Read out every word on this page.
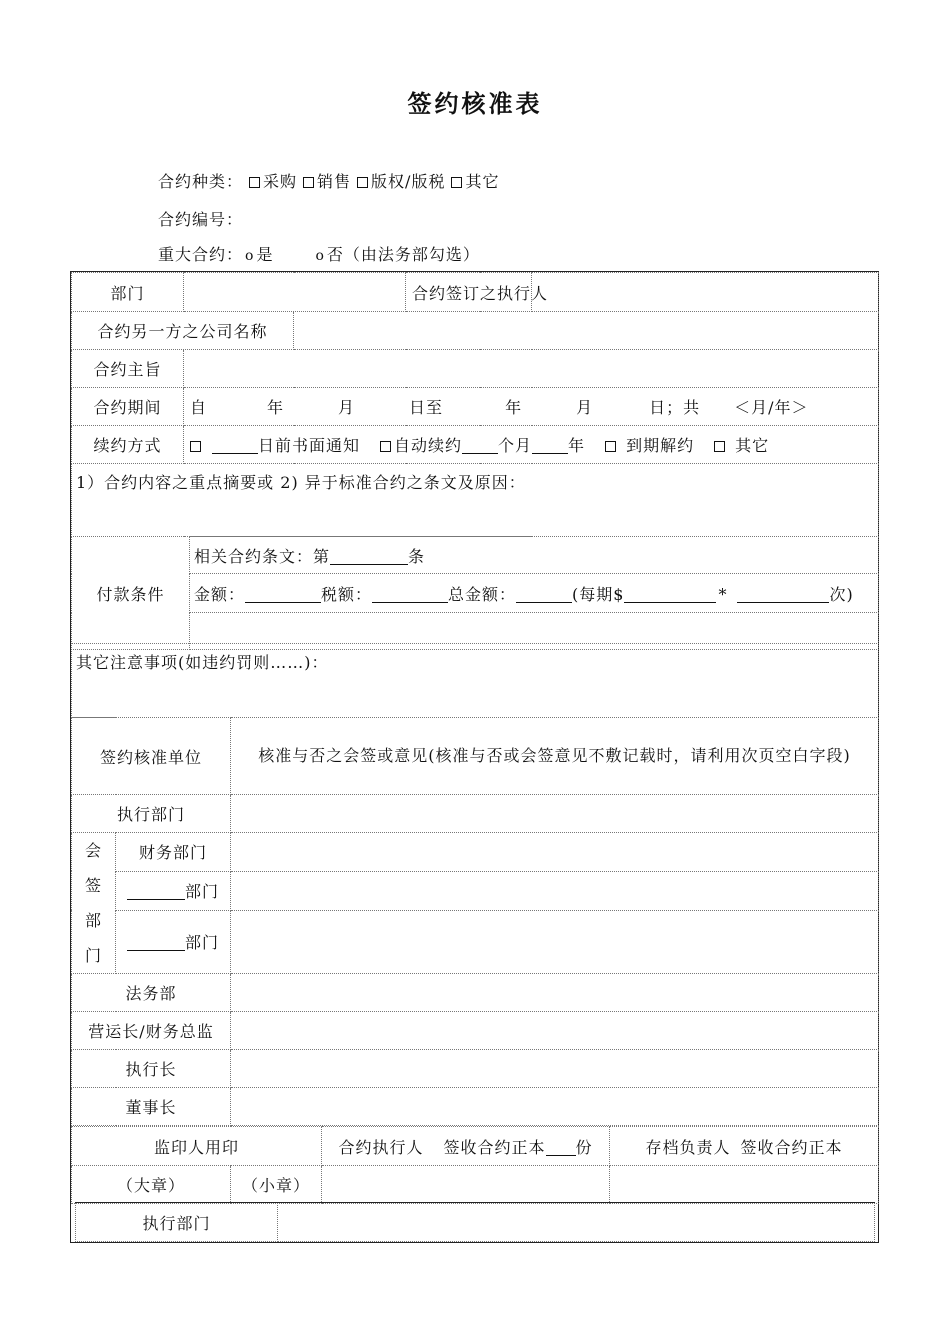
签约核准表
合约种类： 采购 销售 版权/版税 其它
合约编号：
重大合约： o 是	o 否（由法务部勾选）
部门			合约签订之执行人	
合约另一方之公司名称				
合约主旨				
合约期间	自 年 月 日至 年 月 日；共 ＜月/年＞			
续约方式	日前书面通知 自动续约 个月 年 到期解约 其它			
1）合约内容之重点摘要或 2) 异于标准合约之条文及原因：				
付款条件	相关合约条文：第	条
金额：	税额：	总金额：	(每期$	*	次)

其它注意事项(如违约罚则……)：
签约核准单位		核准与否之会签或意见(核准与否或会签意见不敷记载时，请利用次页空白字段)
执行部门		
会
签
部
门	财务部门	
	部门	
	部门	
法务部		
营运长/财务总监		
执行长		
董事长		
监印人用印		合约执行人 签收合约正本 份	存档负责人 签收合约正本
（大章）	（小章）		
执行部门	
